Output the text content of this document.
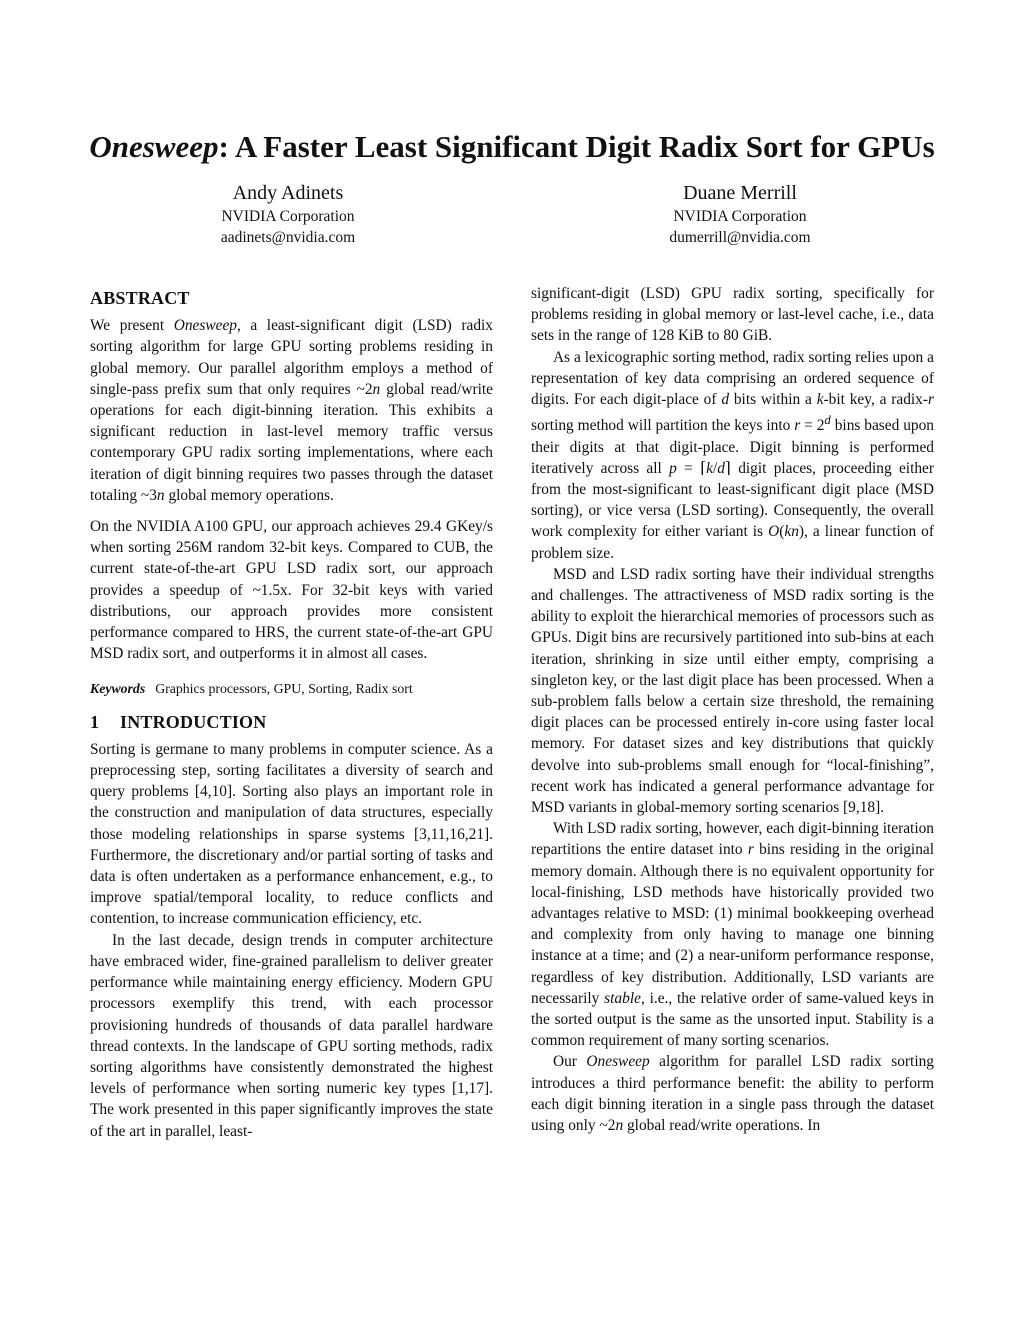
Onesweep: A Faster Least Significant Digit Radix Sort for GPUs
Andy Adinets
NVIDIA Corporation
aadinets@nvidia.com
Duane Merrill
NVIDIA Corporation
dumerrill@nvidia.com
ABSTRACT

We present Onesweep, a least-significant digit (LSD) radix sorting algorithm for large GPU sorting problems residing in global memory. Our parallel algorithm employs a method of single-pass prefix sum that only requires ~2n global read/write operations for each digit-binning iteration. This exhibits a significant reduction in last-level memory traffic versus contemporary GPU radix sorting implementations, where each iteration of digit binning requires two passes through the dataset totaling ~3n global memory operations.

On the NVIDIA A100 GPU, our approach achieves 29.4 GKey/s when sorting 256M random 32-bit keys. Compared to CUB, the current state-of-the-art GPU LSD radix sort, our approach provides a speedup of ~1.5x. For 32-bit keys with varied distributions, our approach provides more consistent performance compared to HRS, the current state-of-the-art GPU MSD radix sort, and outperforms it in almost all cases.

Keywords Graphics processors, GPU, Sorting, Radix sort
1 INTRODUCTION

Sorting is germane to many problems in computer science. As a preprocessing step, sorting facilitates a diversity of search and query problems [4,10]. Sorting also plays an important role in the construction and manipulation of data structures, especially those modeling relationships in sparse systems [3,11,16,21]. Furthermore, the discretionary and/or partial sorting of tasks and data is often undertaken as a performance enhancement, e.g., to improve spatial/temporal locality, to reduce conflicts and contention, to increase communication efficiency, etc.

In the last decade, design trends in computer architecture have embraced wider, fine-grained parallelism to deliver greater performance while maintaining energy efficiency. Modern GPU processors exemplify this trend, with each processor provisioning hundreds of thousands of data parallel hardware thread contexts. In the landscape of GPU sorting methods, radix sorting algorithms have consistently demonstrated the highest levels of performance when sorting numeric key types [1,17]. The work presented in this paper significantly improves the state of the art in parallel, least-

significant-digit (LSD) GPU radix sorting, specifically for problems residing in global memory or last-level cache, i.e., data sets in the range of 128 KiB to 80 GiB.

As a lexicographic sorting method, radix sorting relies upon a representation of key data comprising an ordered sequence of digits. For each digit-place of d bits within a k-bit key, a radix-r sorting method will partition the keys into $r = 2^d$ bins based upon their digits at that digit-place. Digit binning is performed iteratively across all p = ⌈k/d⌉ digit places, proceeding either from the most-significant to least-significant digit place (MSD sorting), or vice versa (LSD sorting). Consequently, the overall work complexity for either variant is O(kn), a linear function of problem size.

MSD and LSD radix sorting have their individual strengths and challenges. The attractiveness of MSD radix sorting is the ability to exploit the hierarchical memories of processors such as GPUs. Digit bins are recursively partitioned into sub-bins at each iteration, shrinking in size until either empty, comprising a singleton key, or the last digit place has been processed. When a sub-problem falls below a certain size threshold, the remaining digit places can be processed entirely in-core using faster local memory. For dataset sizes and key distributions that quickly devolve into sub-problems small enough for “local-finishing”, recent work has indicated a general performance advantage for MSD variants in global-memory sorting scenarios [9,18].

With LSD radix sorting, however, each digit-binning iteration repartitions the entire dataset into r bins residing in the original memory domain. Although there is no equivalent opportunity for local-finishing, LSD methods have historically provided two advantages relative to MSD: (1) minimal bookkeeping overhead and complexity from only having to manage one binning instance at a time; and (2) a near-uniform performance response, regardless of key distribution. Additionally, LSD variants are necessarily stable, i.e., the relative order of same-valued keys in the sorted output is the same as the unsorted input. Stability is a common requirement of many sorting scenarios.

Our Onesweep algorithm for parallel LSD radix sorting introduces a third performance benefit: the ability to perform each digit binning iteration in a single pass through the dataset using only ~2n global read/write operations. In
